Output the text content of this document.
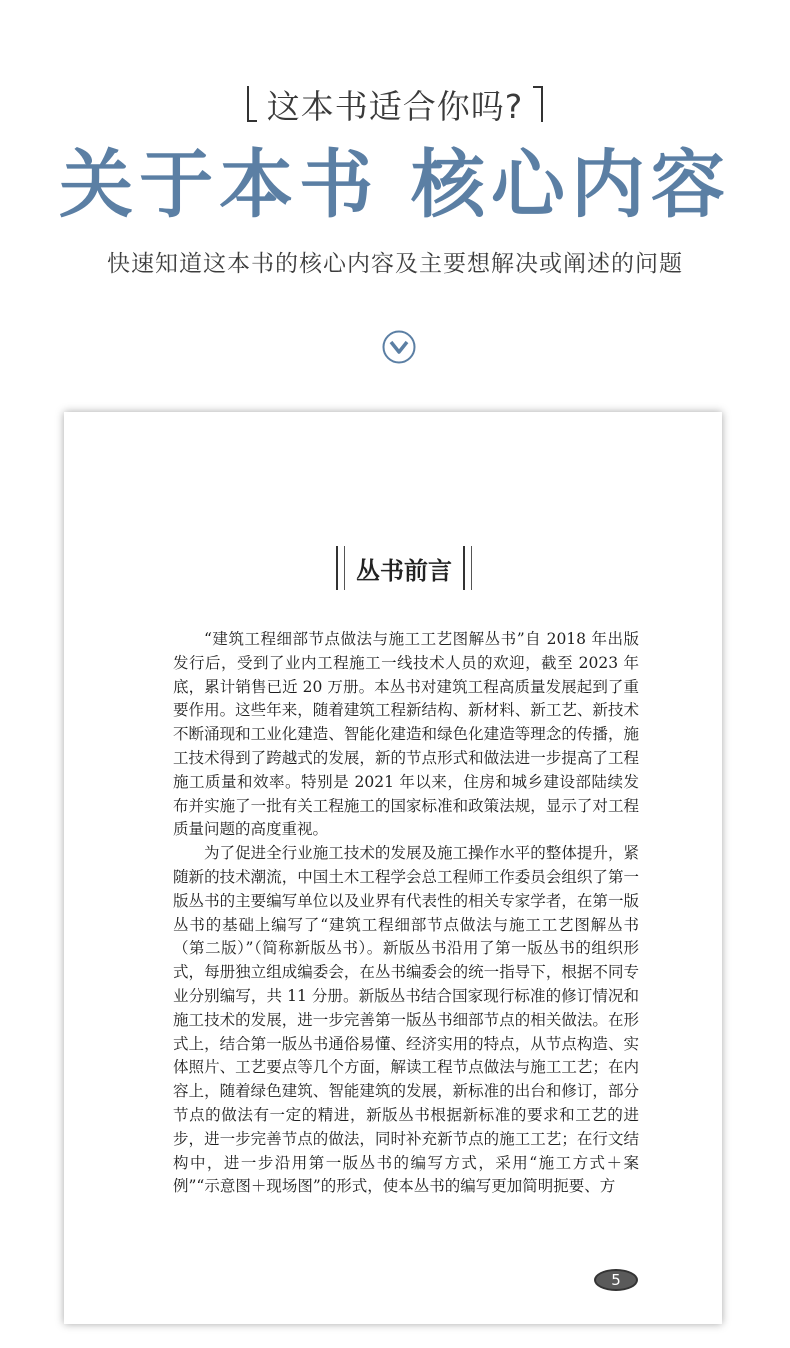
这本书适合你吗?
关于本书 核心内容
快速知道这本书的核心内容及主要想解决或阐述的问题
丛书前言

“建筑工程细部节点做法与施工工艺图解丛书”自 2018 年出版发行后，受到了业内工程施工一线技术人员的欢迎，截至 2023 年底，累计销售已近 20 万册。本丛书对建筑工程高质量发展起到了重要作用。这些年来，随着建筑工程新结构、新材料、新工艺、新技术不断涌现和工业化建造、智能化建造和绿色化建造等理念的传播，施工技术得到了跨越式的发展，新的节点形式和做法进一步提高了工程施工质量和效率。特别是 2021 年以来，住房和城乡建设部陆续发布并实施了一批有关工程施工的国家标准和政策法规，显示了对工程质量问题的高度重视。

为了促进全行业施工技术的发展及施工操作水平的整体提升，紧随新的技术潮流，中国土木工程学会总工程师工作委员会组织了第一版丛书的主要编写单位以及业界有代表性的相关专家学者，在第一版丛书的基础上编写了“建筑工程细部节点做法与施工工艺图解丛书（第二版）”（简称新版丛书）。新版丛书沿用了第一版丛书的组织形式，每册独立组成编委会，在丛书编委会的统一指导下，根据不同专业分别编写，共 11 分册。新版丛书结合国家现行标准的修订情况和施工技术的发展，进一步完善第一版丛书细部节点的相关做法。在形式上，结合第一版丛书通俗易懂、经济实用的特点，从节点构造、实体照片、工艺要点等几个方面，解读工程节点做法与施工工艺；在内容上，随着绿色建筑、智能建筑的发展，新标准的出台和修订，部分节点的做法有一定的精进，新版丛书根据新标准的要求和工艺的进步，进一步完善节点的做法，同时补充新节点的施工工艺；在行文结构中，进一步沿用第一版丛书的编写方式，采用“施工方式＋案例”“示意图＋现场图”的形式，使本丛书的编写更加简明扼要、方

5
